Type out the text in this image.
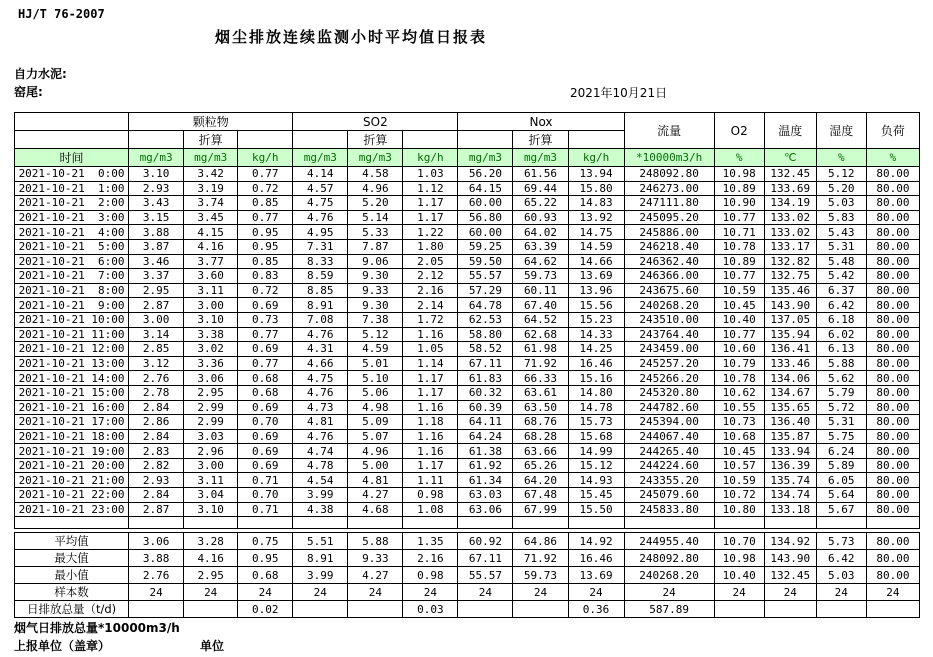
HJ/T 76-2007
烟尘排放连续监测小时平均值日报表
自力水泥:
窑尾:	2021年10月21日
	颗粒物			SO2			Nox			流量	O2	温度	湿度	负荷
		折算			折算			折算						
时间	mg/m3	mg/m3	kg/h	mg/m3	mg/m3	kg/h	mg/m3	mg/m3	kg/h	*10000m3/h	%	℃	%	%
2021-10-21  0:00	3.10	3.42	0.77	4.14	4.58	1.03	56.20	61.56	13.94	248092.80	10.98	132.45	5.12	80.00
2021-10-21  1:00	2.93	3.19	0.72	4.57	4.96	1.12	64.15	69.44	15.80	246273.00	10.89	133.69	5.20	80.00
2021-10-21  2:00	3.43	3.74	0.85	4.75	5.20	1.17	60.00	65.22	14.83	247111.80	10.90	134.19	5.03	80.00
2021-10-21  3:00	3.15	3.45	0.77	4.76	5.14	1.17	56.80	60.93	13.92	245095.20	10.77	133.02	5.83	80.00
2021-10-21  4:00	3.88	4.15	0.95	4.95	5.33	1.22	60.00	64.02	14.75	245886.00	10.71	133.02	5.43	80.00
2021-10-21  5:00	3.87	4.16	0.95	7.31	7.87	1.80	59.25	63.39	14.59	246218.40	10.78	133.17	5.31	80.00
2021-10-21  6:00	3.46	3.77	0.85	8.33	9.06	2.05	59.50	64.62	14.66	246362.40	10.89	132.82	5.48	80.00
2021-10-21  7:00	3.37	3.60	0.83	8.59	9.30	2.12	55.57	59.73	13.69	246366.00	10.77	132.75	5.42	80.00
2021-10-21  8:00	2.95	3.11	0.72	8.85	9.33	2.16	57.29	60.11	13.96	243675.60	10.59	135.46	6.37	80.00
2021-10-21  9:00	2.87	3.00	0.69	8.91	9.30	2.14	64.78	67.40	15.56	240268.20	10.45	143.90	6.42	80.00
2021-10-21 10:00	3.00	3.10	0.73	7.08	7.38	1.72	62.53	64.52	15.23	243510.00	10.40	137.05	6.18	80.00
2021-10-21 11:00	3.14	3.38	0.77	4.76	5.12	1.16	58.80	62.68	14.33	243764.40	10.77	135.94	6.02	80.00
2021-10-21 12:00	2.85	3.02	0.69	4.31	4.59	1.05	58.52	61.98	14.25	243459.00	10.60	136.41	6.13	80.00
2021-10-21 13:00	3.12	3.36	0.77	4.66	5.01	1.14	67.11	71.92	16.46	245257.20	10.79	133.46	5.88	80.00
2021-10-21 14:00	2.76	3.06	0.68	4.75	5.10	1.17	61.83	66.33	15.16	245266.20	10.78	134.06	5.62	80.00
2021-10-21 15:00	2.78	2.95	0.68	4.76	5.06	1.17	60.32	63.61	14.80	245320.80	10.62	134.67	5.79	80.00
2021-10-21 16:00	2.84	2.99	0.69	4.73	4.98	1.16	60.39	63.50	14.78	244782.60	10.55	135.65	5.72	80.00
2021-10-21 17:00	2.86	2.99	0.70	4.81	5.09	1.18	64.11	68.76	15.73	245394.00	10.73	136.40	5.31	80.00
2021-10-21 18:00	2.84	3.03	0.69	4.76	5.07	1.16	64.24	68.28	15.68	244067.40	10.68	135.87	5.75	80.00
2021-10-21 19:00	2.83	2.96	0.69	4.74	4.96	1.16	61.38	63.66	14.99	244265.40	10.45	133.94	6.24	80.00
2021-10-21 20:00	2.82	3.00	0.69	4.78	5.00	1.17	61.92	65.26	15.12	244224.60	10.57	136.39	5.89	80.00
2021-10-21 21:00	2.93	3.11	0.71	4.54	4.81	1.11	61.34	64.20	14.93	243355.20	10.59	135.74	6.05	80.00
2021-10-21 22:00	2.84	3.04	0.70	3.99	4.27	0.98	63.03	67.48	15.45	245079.60	10.72	134.74	5.64	80.00
2021-10-21 23:00	2.87	3.10	0.71	4.38	4.68	1.08	63.06	67.99	15.50	245833.80	10.80	133.18	5.67	80.00

平均值	3.06	3.28	0.75	5.51	5.88	1.35	60.92	64.86	14.92	244955.40	10.70	134.92	5.73	80.00
最大值	3.88	4.16	0.95	8.91	9.33	2.16	67.11	71.92	16.46	248092.80	10.98	143.90	6.42	80.00
最小值	2.76	2.95	0.68	3.99	4.27	0.98	55.57	59.73	13.69	240268.20	10.40	132.45	5.03	80.00
样本数	24	24	24	24	24	24	24	24	24	24	24	24	24	24
日排放总量（t/d)			0.02			0.03			0.36	587.89				
烟气日排放总量*10000m3/h
上报单位（盖章）	单位
